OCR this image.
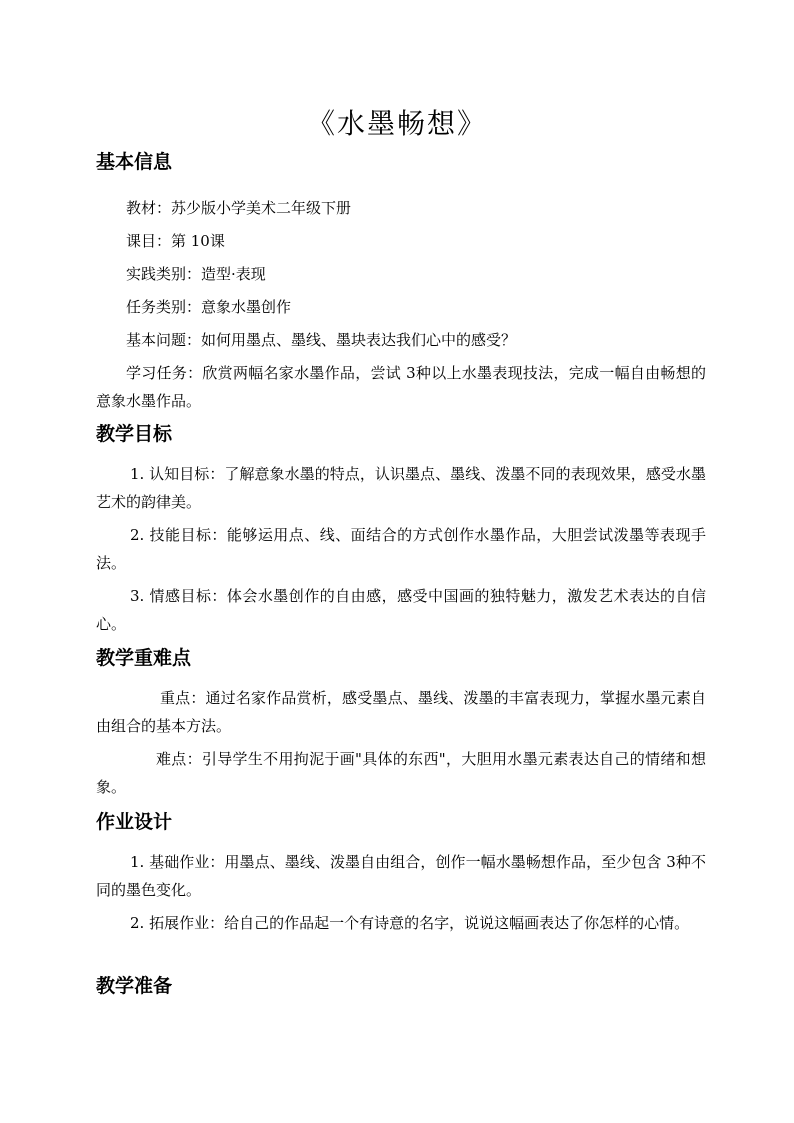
《水墨畅想》
基本信息
教材：苏少版小学美术二年级下册
课目：第 10课
实践类别：造型·表现
任务类别：意象水墨创作
基本问题：如何用墨点、墨线、墨块表达我们心中的感受？
学习任务：欣赏两幅名家水墨作品，尝试 3种以上水墨表现技法，完成一幅自由畅想的意象水墨作品。
教学目标
1. 认知目标：了解意象水墨的特点，认识墨点、墨线、泼墨不同的表现效果，感受水墨艺术的韵律美。
2. 技能目标：能够运用点、线、面结合的方式创作水墨作品，大胆尝试泼墨等表现手法。
3. 情感目标：体会水墨创作的自由感，感受中国画的独特魅力，激发艺术表达的自信心。
教学重难点
重点：通过名家作品赏析，感受墨点、墨线、泼墨的丰富表现力，掌握水墨元素自由组合的基本方法。
难点：引导学生不用拘泥于画"具体的东西"，大胆用水墨元素表达自己的情绪和想象。
作业设计
1. 基础作业：用墨点、墨线、泼墨自由组合，创作一幅水墨畅想作品，至少包含 3种不同的墨色变化。
2. 拓展作业：给自己的作品起一个有诗意的名字，说说这幅画表达了你怎样的心情。
教学准备
